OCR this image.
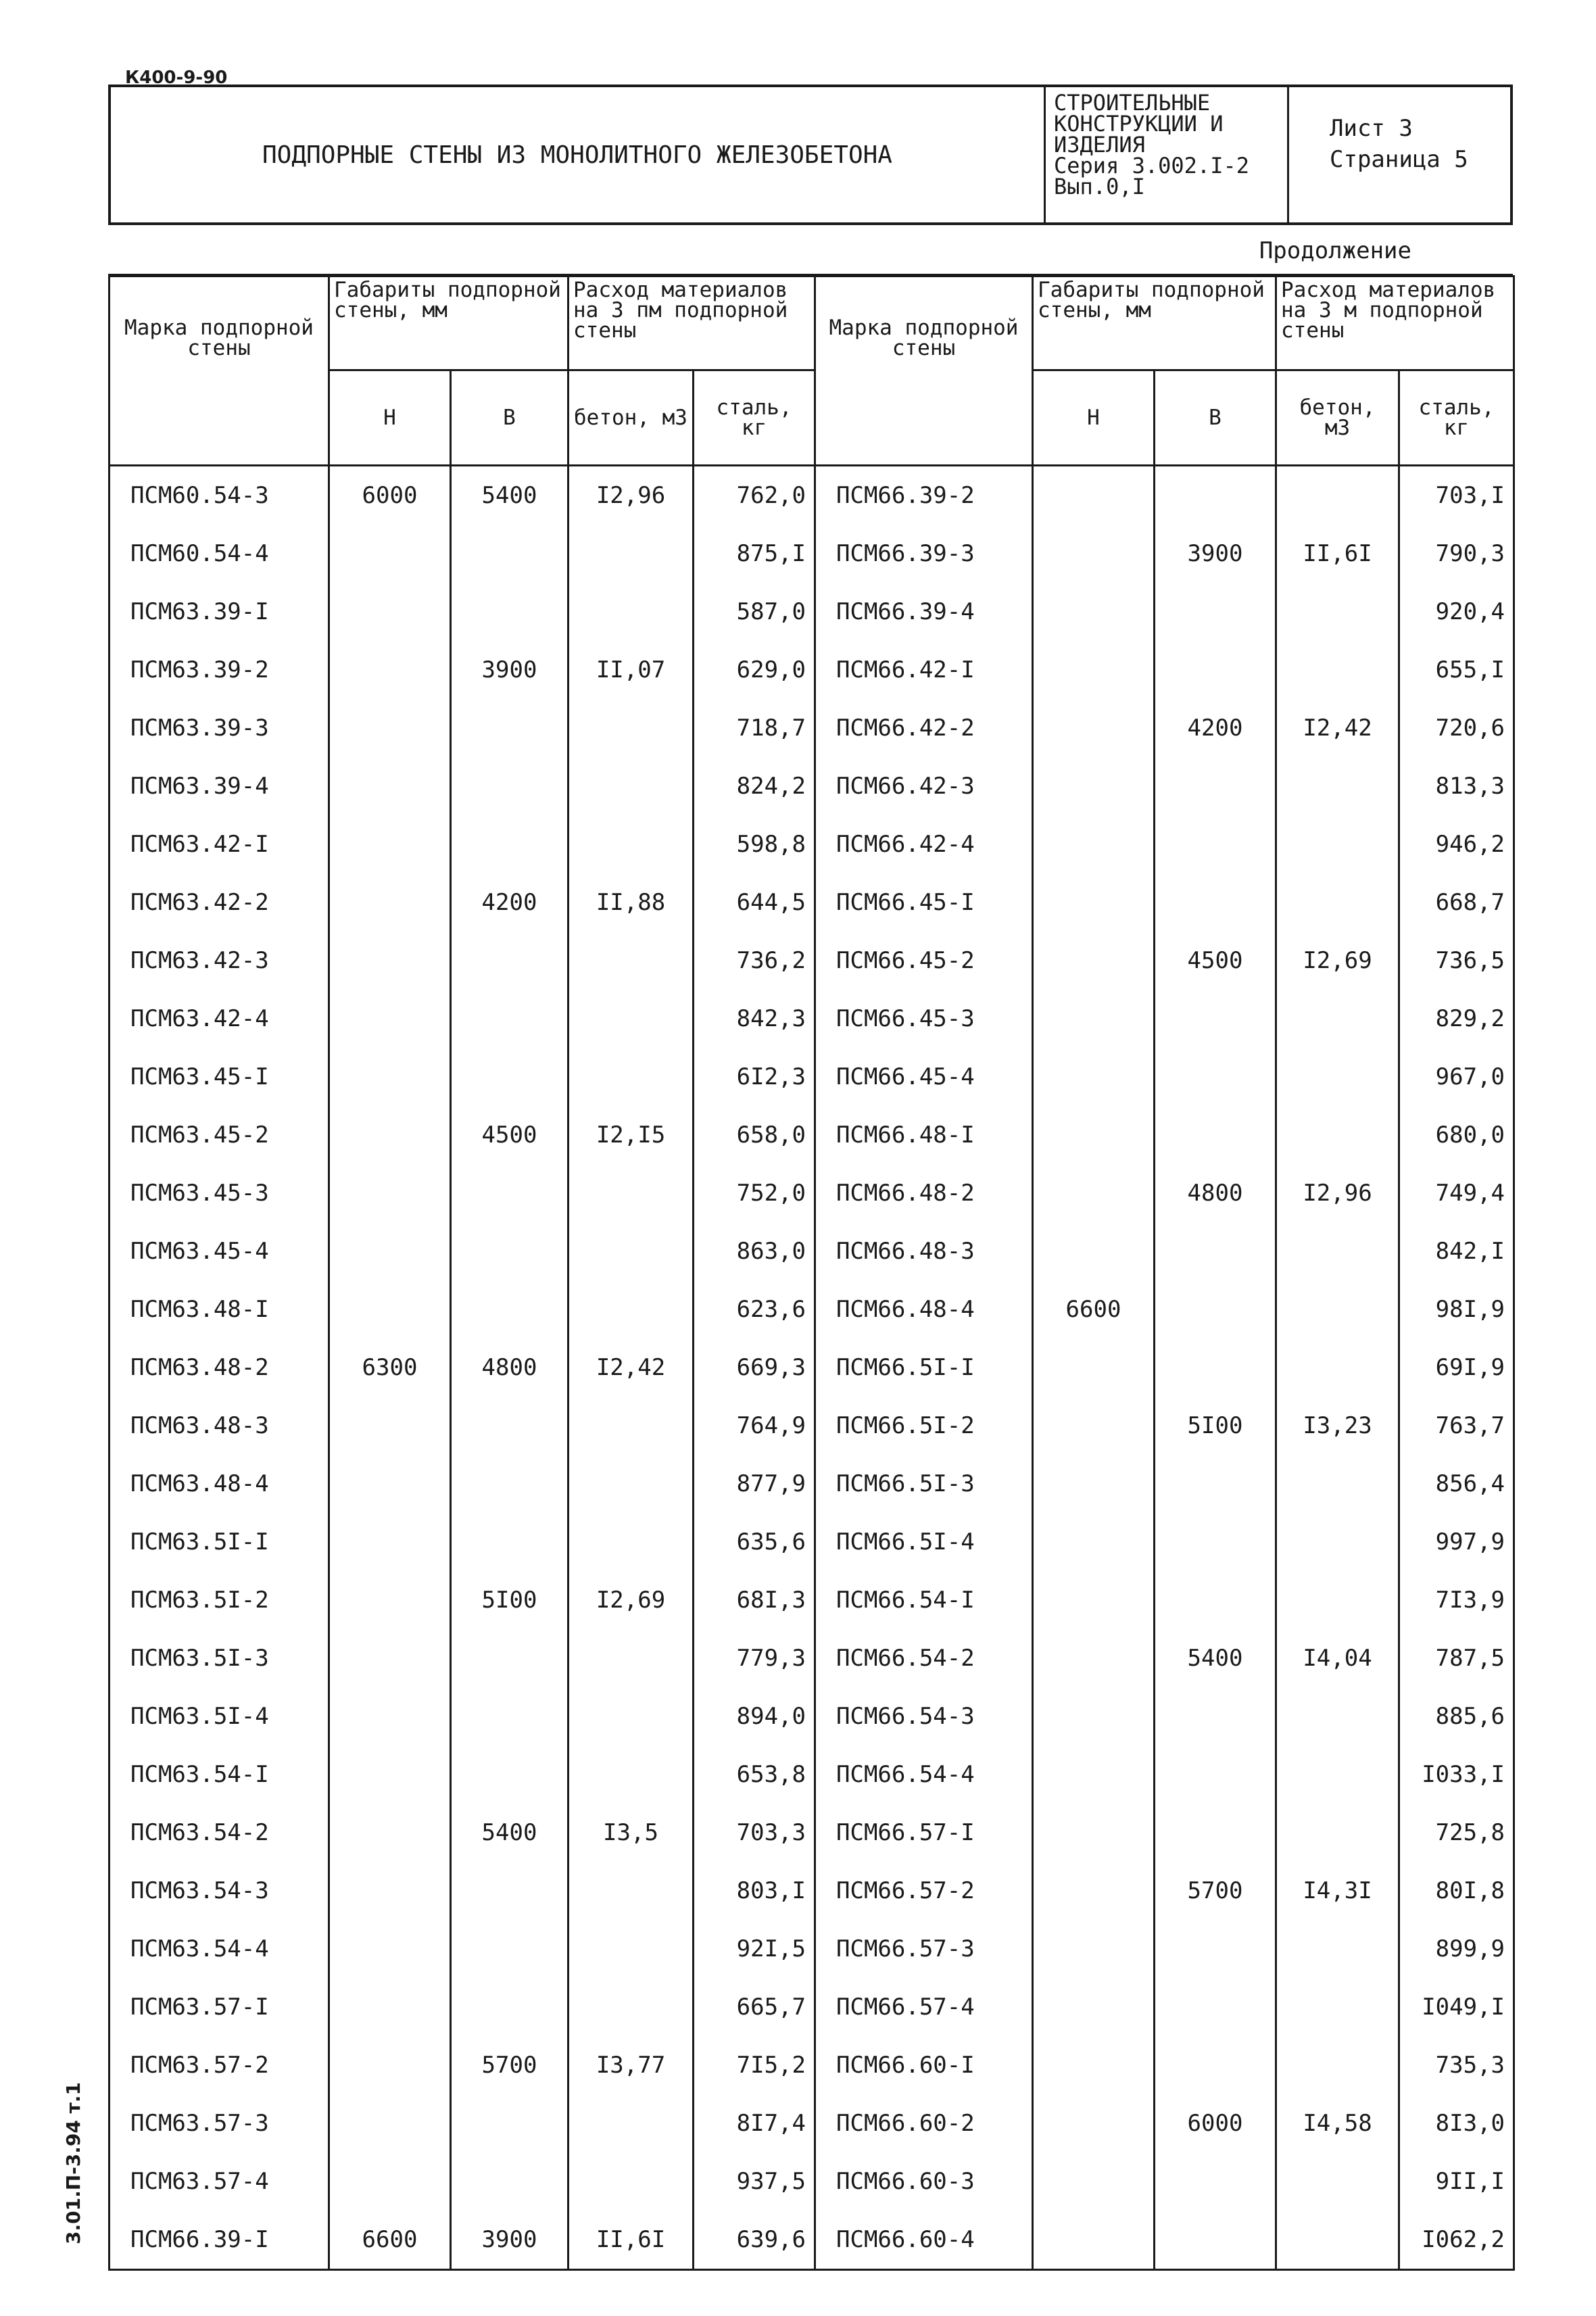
К400-9-90
ПОДПОРНЫЕ СТЕНЫ ИЗ МОНОЛИТНОГО ЖЕЛЕЗОБЕТОНА
СТРОИТЕЛЬНЫЕ
КОНСТРУКЦИИ И
ИЗДЕЛИЯ
Серия 3.002.I-2
Вып.0,I
Лист 3
Страница 5
Продолжение
Марка подпорной стены	Габариты подпорной стены, мм		Расход материалов на 3 пм подпорной стены		Марка подпорной стены	Габариты подпорной стены, мм		Расход материалов на 3 м подпорной стены	
	Н	В	бетон, м3	сталь, кг		Н	В	бетон, м3	сталь, кг
ПСМ60.54-3	6000	5400	I2,96	762,0	ПСМ66.39-2				703,I
ПСМ60.54-4				875,I	ПСМ66.39-3		3900	II,6I	790,3
ПСМ63.39-I				587,0	ПСМ66.39-4				920,4
ПСМ63.39-2		3900	II,07	629,0	ПСМ66.42-I				655,I
ПСМ63.39-3				718,7	ПСМ66.42-2		4200	I2,42	720,6
ПСМ63.39-4				824,2	ПСМ66.42-3				813,3
ПСМ63.42-I				598,8	ПСМ66.42-4				946,2
ПСМ63.42-2		4200	II,88	644,5	ПСМ66.45-I				668,7
ПСМ63.42-3				736,2	ПСМ66.45-2		4500	I2,69	736,5
ПСМ63.42-4				842,3	ПСМ66.45-3				829,2
ПСМ63.45-I				6I2,3	ПСМ66.45-4				967,0
ПСМ63.45-2		4500	I2,I5	658,0	ПСМ66.48-I				680,0
ПСМ63.45-3				752,0	ПСМ66.48-2		4800	I2,96	749,4
ПСМ63.45-4				863,0	ПСМ66.48-3				842,I
ПСМ63.48-I				623,6	ПСМ66.48-4	6600			98I,9
ПСМ63.48-2	6300	4800	I2,42	669,3	ПСМ66.5I-I				69I,9
ПСМ63.48-3				764,9	ПСМ66.5I-2		5I00	I3,23	763,7
ПСМ63.48-4				877,9	ПСМ66.5I-3				856,4
ПСМ63.5I-I				635,6	ПСМ66.5I-4				997,9
ПСМ63.5I-2		5I00	I2,69	68I,3	ПСМ66.54-I				7I3,9
ПСМ63.5I-3				779,3	ПСМ66.54-2		5400	I4,04	787,5
ПСМ63.5I-4				894,0	ПСМ66.54-3				885,6
ПСМ63.54-I				653,8	ПСМ66.54-4				I033,I
ПСМ63.54-2		5400	I3,5	703,3	ПСМ66.57-I				725,8
ПСМ63.54-3				803,I	ПСМ66.57-2		5700	I4,3I	80I,8
ПСМ63.54-4				92I,5	ПСМ66.57-3				899,9
ПСМ63.57-I				665,7	ПСМ66.57-4				I049,I
ПСМ63.57-2		5700	I3,77	7I5,2	ПСМ66.60-I				735,3
ПСМ63.57-3				8I7,4	ПСМ66.60-2		6000	I4,58	8I3,0
ПСМ63.57-4				937,5	ПСМ66.60-3				9II,I
ПСМ66.39-I	6600	3900	II,6I	639,6	ПСМ66.60-4				I062,2
3.01.П-3.94 т.1
